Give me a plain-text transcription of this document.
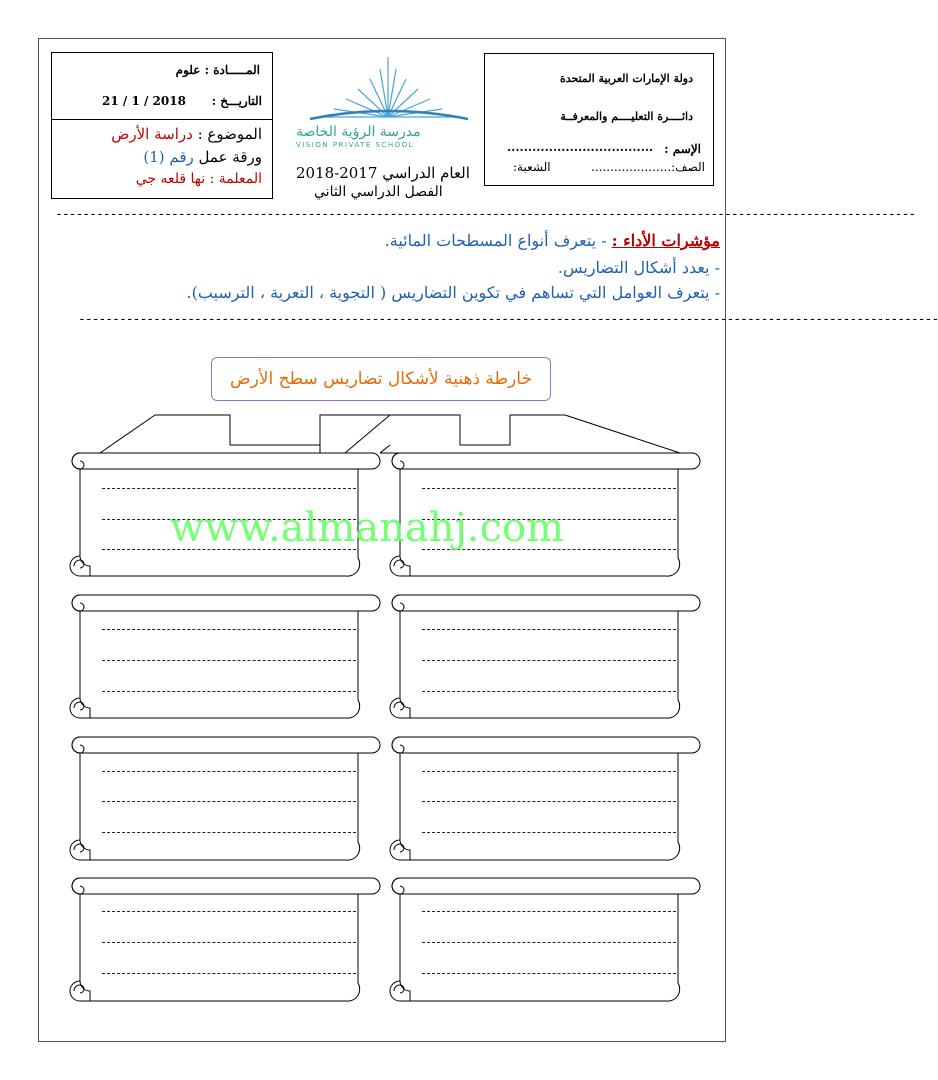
دولة الإمارات العربية المتحدة
دائــــرة التعليــــم والمعرفــة
الإسم :
...................................
الصف:.....................
الشعبة:
المـــــادة : علوم
التاريـــخ :
21 / 1 / 2018
الموضوع : دراسة الأرض
ورقة عمل رقم (1)
المعلمة : نها قلعه جي
مدرسة الرؤية الخاصة
VISION PRIVATE SCHOOL
العام الدراسي 2017-2018
الفصل الدراسي الثاني
------------------------------------------------------------------------------------------------------------------------------
مؤشرات الأداء : - يتعرف أنواع المسطحات المائية.
- يعدد أشكال التضاريس.
- يتعرف العوامل التي تساهم في تكوين التضاريس ( التجوية ، التعرية ، الترسيب).
------------------------------------------------------------------------------------------------------------------------------
خارطة ذهنية لأشكال تضاريس سطح الأرض
www.almanahj.com
